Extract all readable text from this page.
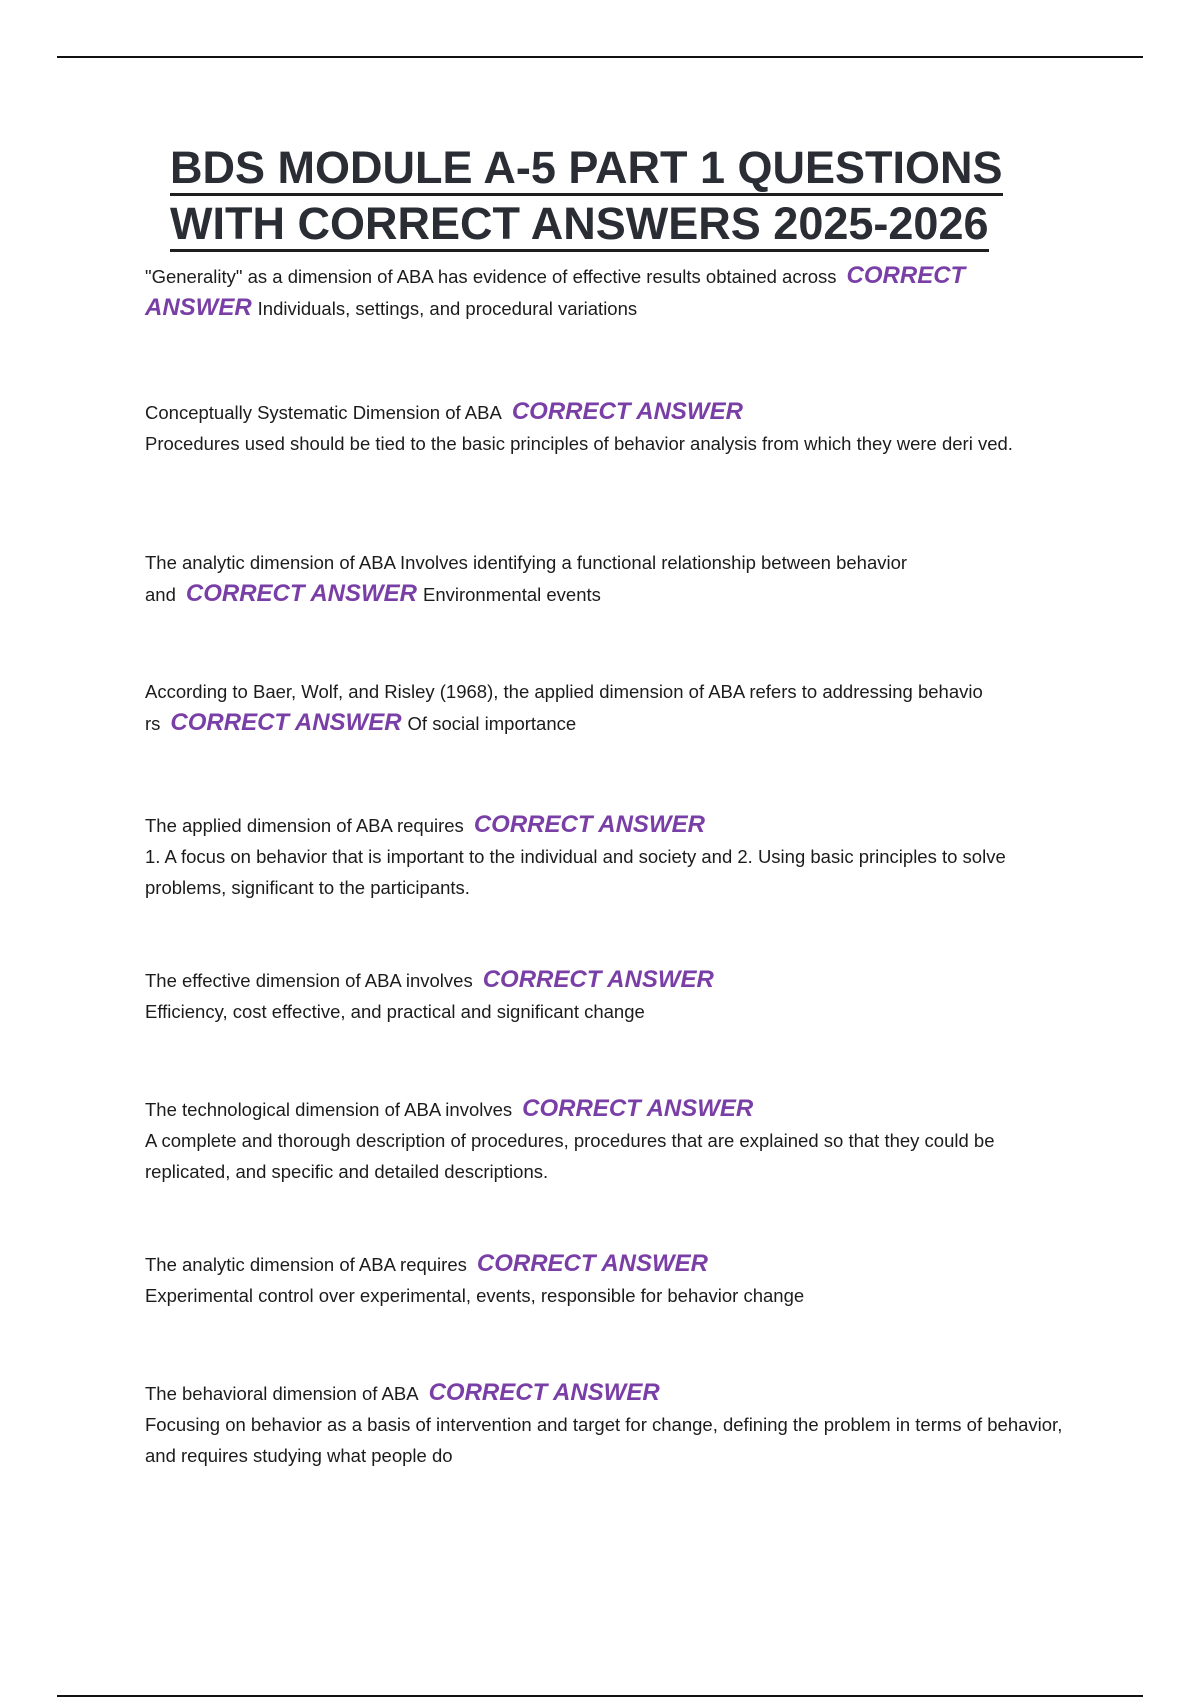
BDS MODULE A-5 PART 1 QUESTIONS
WITH CORRECT ANSWERS 2025-2026

"Generality" as a dimension of ABA has evidence of effective results obtained across CORRECT ANSWER Individuals, settings, and procedural variations

Conceptually Systematic Dimension of ABA CORRECT ANSWER
Procedures used should be tied to the basic principles of behavior analysis from which they were deri ved.

The analytic dimension of ABA Involves identifying a functional relationship between behavior and CORRECT ANSWER Environmental events

According to Baer, Wolf, and Risley (1968), the applied dimension of ABA refers to addressing behavio rs CORRECT ANSWER Of social importance

The applied dimension of ABA requires CORRECT ANSWER
1. A focus on behavior that is important to the individual and society and 2. Using basic principles to solve problems, significant to the participants.

The effective dimension of ABA involves CORRECT ANSWER
Efficiency, cost effective, and practical and significant change

The technological dimension of ABA involves CORRECT ANSWER
A complete and thorough description of procedures, procedures that are explained so that they could be replicated, and specific and detailed descriptions.

The analytic dimension of ABA requires CORRECT ANSWER
Experimental control over experimental, events, responsible for behavior change

The behavioral dimension of ABA CORRECT ANSWER
Focusing on behavior as a basis of intervention and target for change, defining the problem in terms of behavior, and requires studying what people do
